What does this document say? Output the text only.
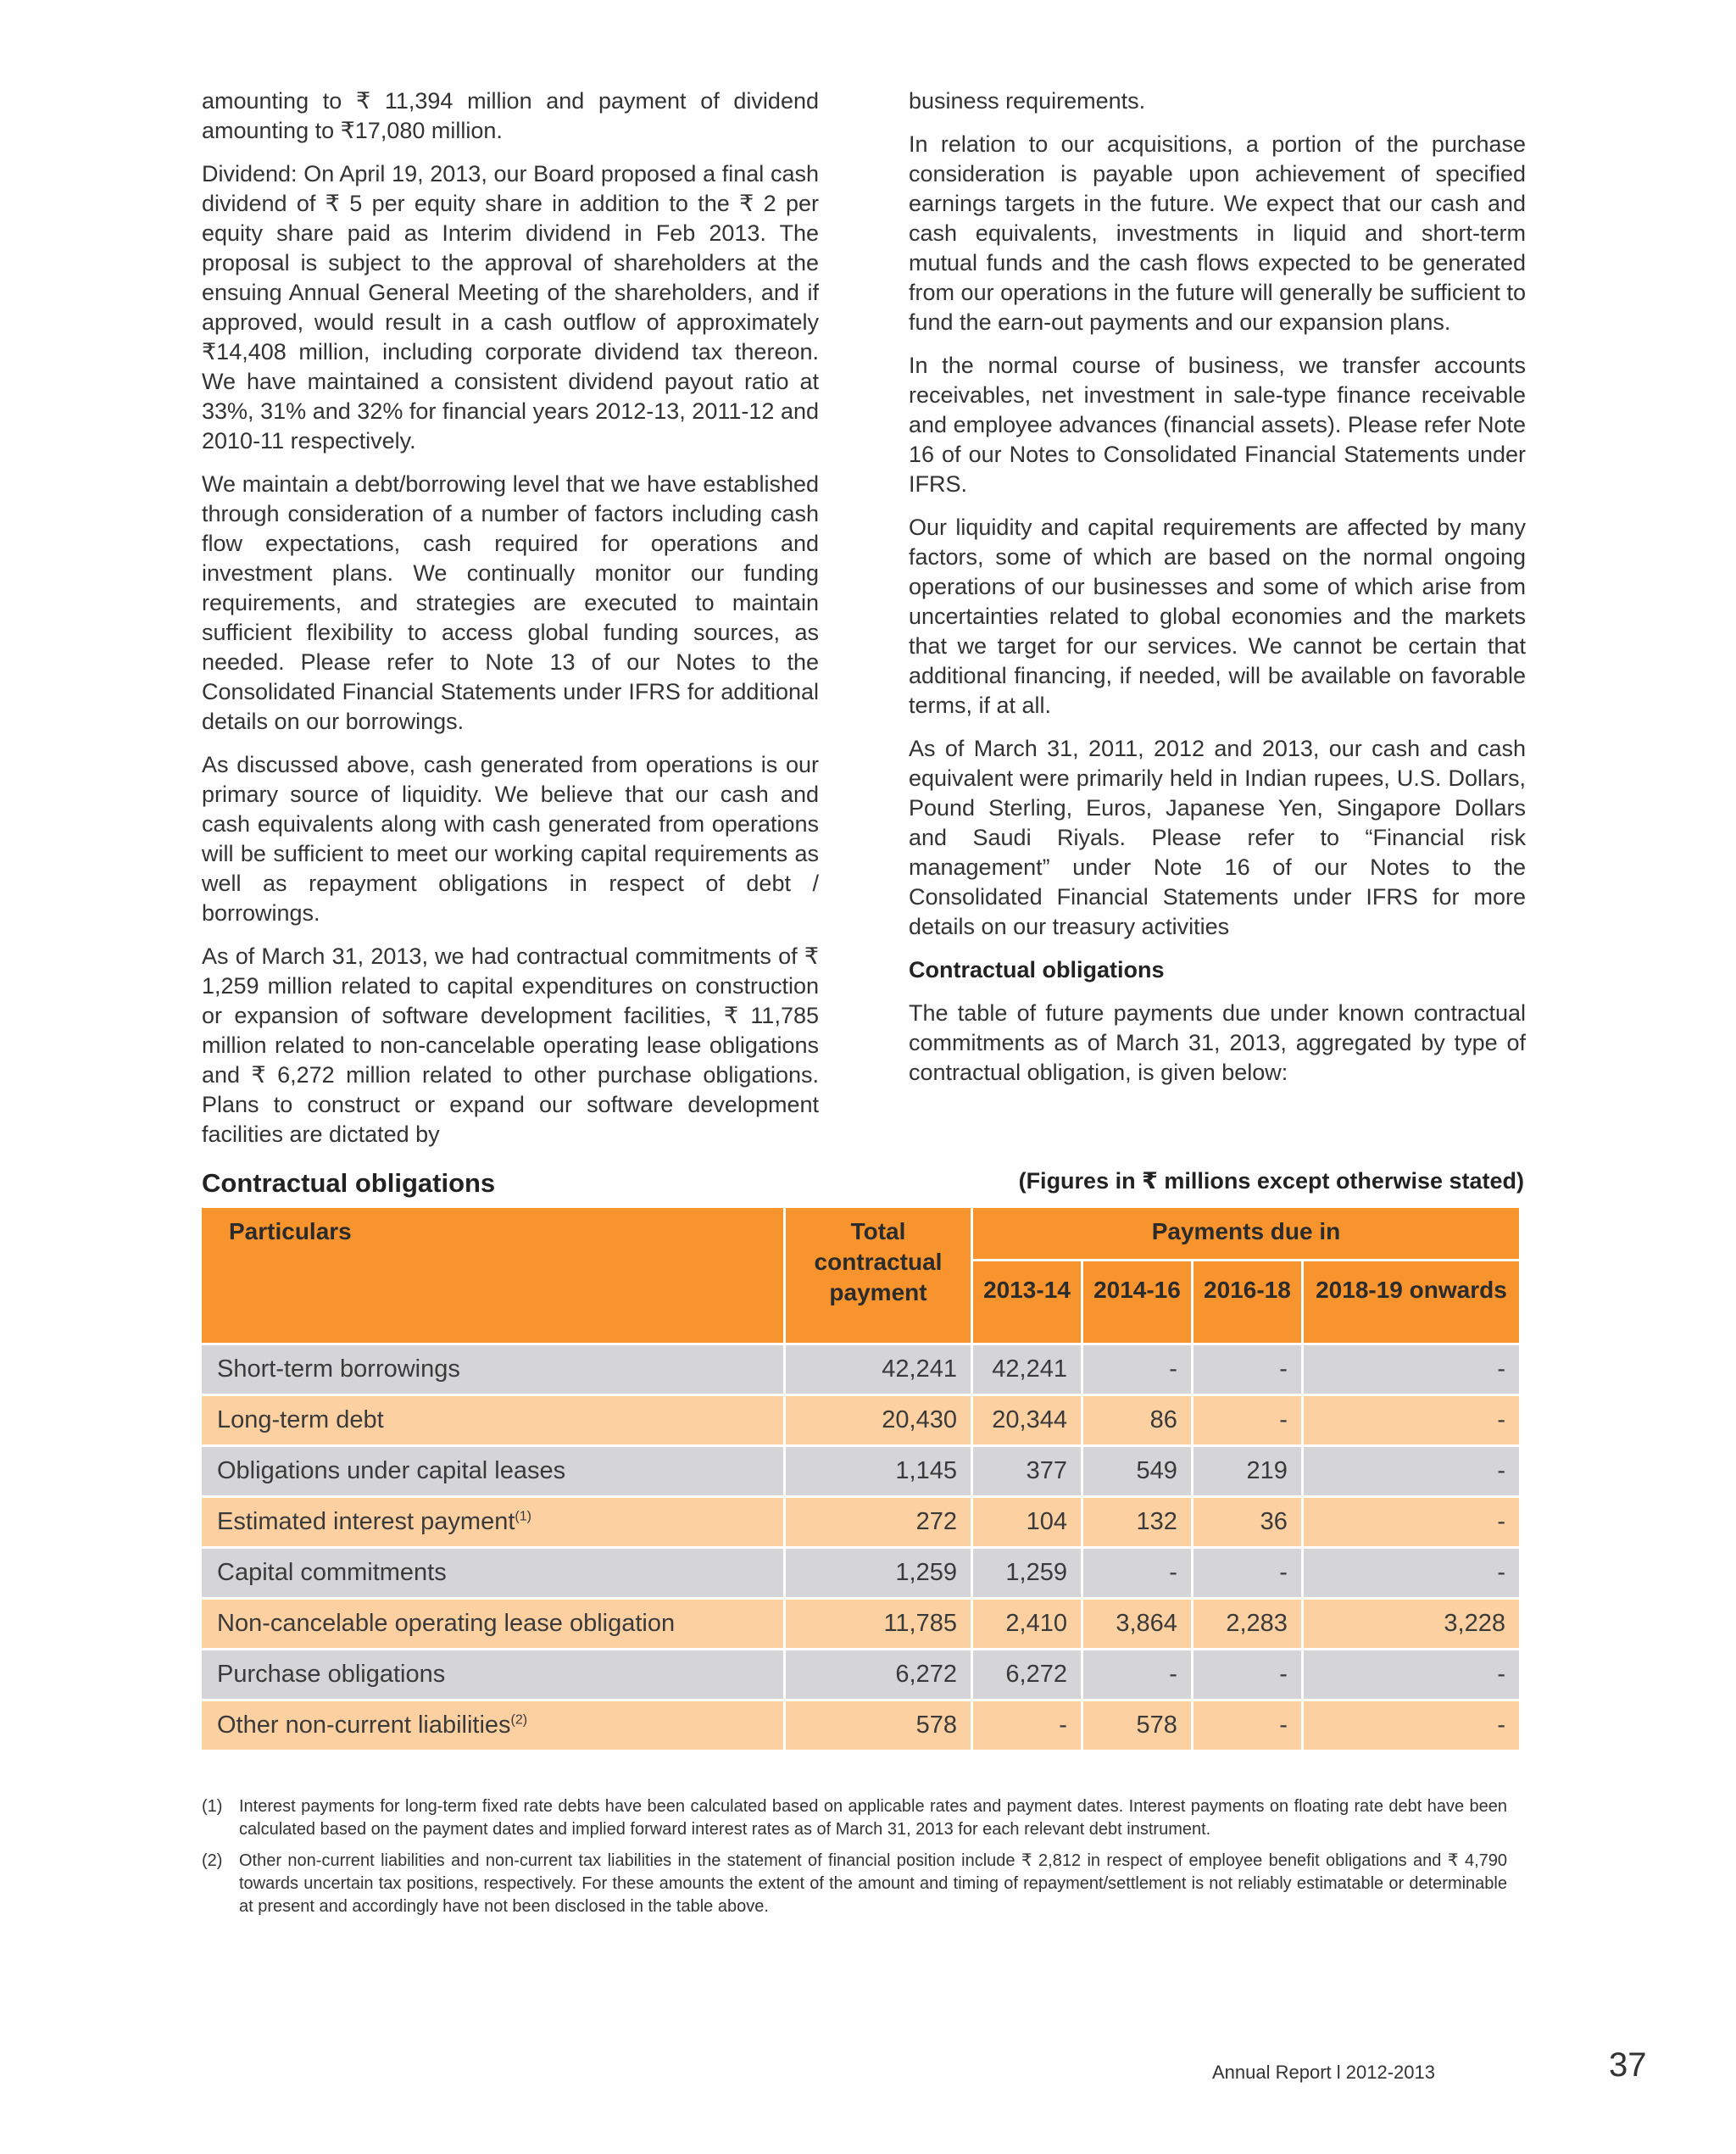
amounting to ₹ 11,394 million and payment of dividend amounting to ₹17,080 million.

Dividend: On April 19, 2013, our Board proposed a final cash dividend of ₹ 5 per equity share in addition to the ₹ 2 per equity share paid as Interim dividend in Feb 2013. The proposal is subject to the approval of shareholders at the ensuing Annual General Meeting of the shareholders, and if approved, would result in a cash outflow of approximately ₹14,408 million, including corporate dividend tax thereon. We have maintained a consistent dividend payout ratio at 33%, 31% and 32% for financial years 2012-13, 2011-12 and 2010-11 respectively.

We maintain a debt/borrowing level that we have established through consideration of a number of factors including cash flow expectations, cash required for operations and investment plans. We continually monitor our funding requirements, and strategies are executed to maintain sufficient flexibility to access global funding sources, as needed. Please refer to Note 13 of our Notes to the Consolidated Financial Statements under IFRS for additional details on our borrowings.

As discussed above, cash generated from operations is our primary source of liquidity. We believe that our cash and cash equivalents along with cash generated from operations will be sufficient to meet our working capital requirements as well as repayment obligations in respect of debt / borrowings.

As of March 31, 2013, we had contractual commitments of ₹ 1,259 million related to capital expenditures on construction or expansion of software development facilities, ₹ 11,785 million related to non-cancelable operating lease obligations and ₹ 6,272 million related to other purchase obligations. Plans to construct or expand our software development facilities are dictated by

business requirements.

In relation to our acquisitions, a portion of the purchase consideration is payable upon achievement of specified earnings targets in the future. We expect that our cash and cash equivalents, investments in liquid and short-term mutual funds and the cash flows expected to be generated from our operations in the future will generally be sufficient to fund the earn-out payments and our expansion plans.

In the normal course of business, we transfer accounts receivables, net investment in sale-type finance receivable and employee advances (financial assets). Please refer Note 16 of our Notes to Consolidated Financial Statements under IFRS.

Our liquidity and capital requirements are affected by many factors, some of which are based on the normal ongoing operations of our businesses and some of which arise from uncertainties related to global economies and the markets that we target for our services. We cannot be certain that additional financing, if needed, will be available on favorable terms, if at all.

As of March 31, 2011, 2012 and 2013, our cash and cash equivalent were primarily held in Indian rupees, U.S. Dollars, Pound Sterling, Euros, Japanese Yen, Singapore Dollars and Saudi Riyals. Please refer to “Financial risk management” under Note 16 of our Notes to the Consolidated Financial Statements under IFRS for more details on our treasury activities

Contractual obligations

The table of future payments due under known contractual commitments as of March 31, 2013, aggregated by type of contractual obligation, is given below:

Contractual obligations	(Figures in ₹ millions except otherwise stated)
Particulars	Total contractual payment	Payments due in			
		2013-14	2014-16	2016-18	2018-19 onwards
Short-term borrowings	42,241	42,241	-	-	-
Long-term debt	20,430	20,344	86	-	-
Obligations under capital leases	1,145	377	549	219	-
Estimated interest payment$^{(1)}$	272	104	132	36	-
Capital commitments	1,259	1,259	-	-	-
Non-cancelable operating lease obligation	11,785	2,410	3,864	2,283	3,228
Purchase obligations	6,272	6,272	-	-	-
Other non-current liabilities$^{(2)}$	578	-	578	-	-
(1) Interest payments for long-term fixed rate debts have been calculated based on applicable rates and payment dates. Interest payments on floating rate debt have been calculated based on the payment dates and implied forward interest rates as of March 31, 2013 for each relevant debt instrument.
(2) Other non-current liabilities and non-current tax liabilities in the statement of financial position include ₹ 2,812 in respect of employee benefit obligations and ₹ 4,790 towards uncertain tax positions, respectively. For these amounts the extent of the amount and timing of repayment/settlement is not reliably estimatable or determinable at present and accordingly have not been disclosed in the table above.
Annual Report l 2012-2013	37
